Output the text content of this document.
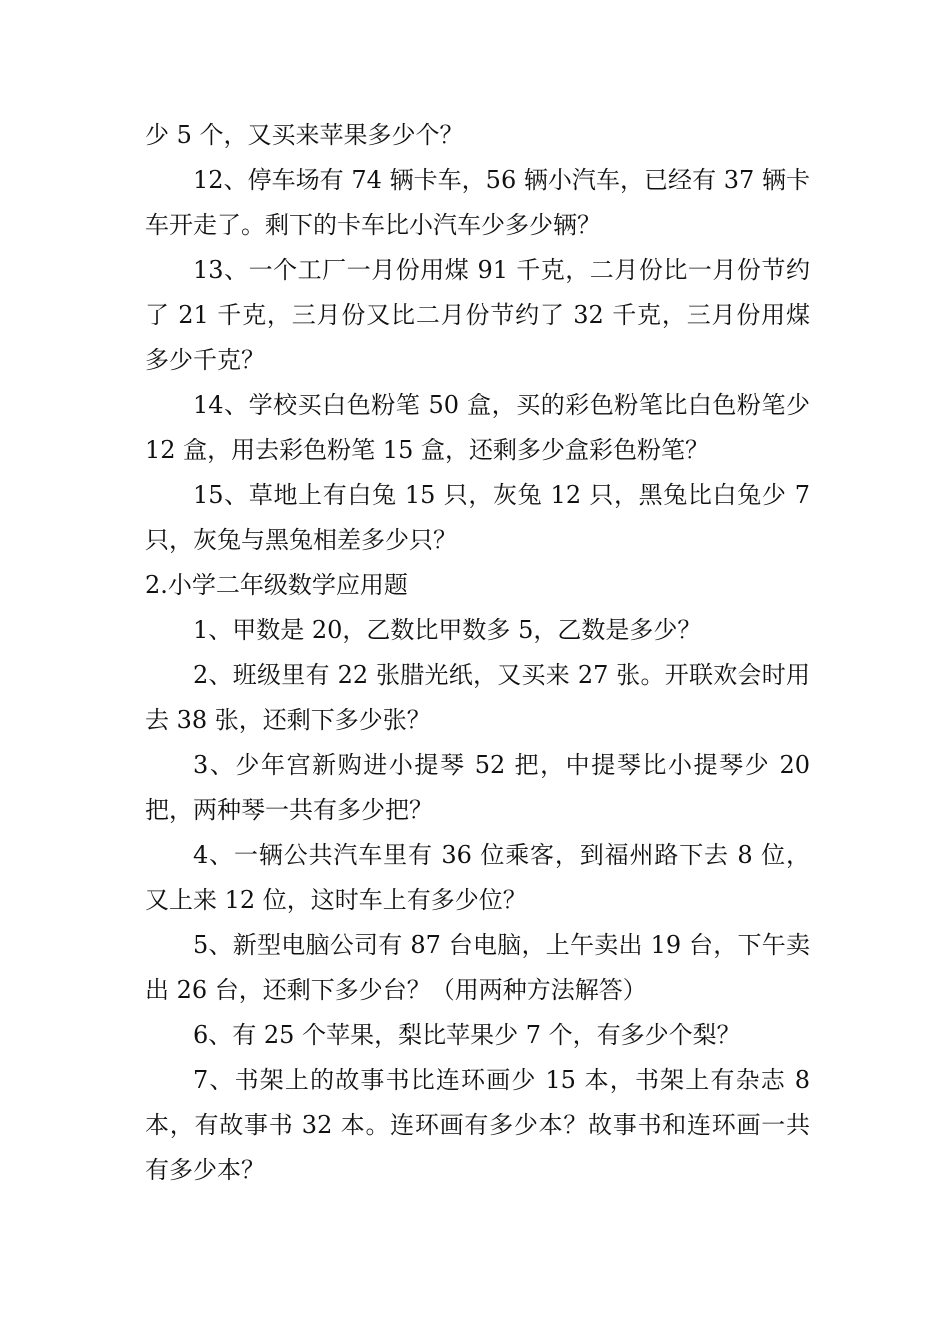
少 5 个，又买来苹果多少个？

12、停车场有 74 辆卡车，56 辆小汽车，已经有 37 辆卡车开走了。剩下的卡车比小汽车少多少辆？

13、一个工厂一月份用煤 91 千克，二月份比一月份节约了 21 千克，三月份又比二月份节约了 32 千克，三月份用煤多少千克？

14、学校买白色粉笔 50 盒，买的彩色粉笔比白色粉笔少 12 盒，用去彩色粉笔 15 盒，还剩多少盒彩色粉笔？

15、草地上有白兔 15 只，灰兔 12 只，黑兔比白兔少 7 只，灰兔与黑兔相差多少只？

2.小学二年级数学应用题

1、甲数是 20，乙数比甲数多 5，乙数是多少？

2、班级里有 22 张腊光纸，又买来 27 张。开联欢会时用去 38 张，还剩下多少张？

3、少年宫新购进小提琴 52 把，中提琴比小提琴少 20 把，两种琴一共有多少把？

4、一辆公共汽车里有 36 位乘客，到福州路下去 8 位，又上来 12 位，这时车上有多少位？

5、新型电脑公司有 87 台电脑，上午卖出 19 台，下午卖出 26 台，还剩下多少台？（用两种方法解答）

6、有 25 个苹果，梨比苹果少 7 个，有多少个梨？

7、书架上的故事书比连环画少 15 本，书架上有杂志 8 本，有故事书 32 本。连环画有多少本？故事书和连环画一共有多少本？
